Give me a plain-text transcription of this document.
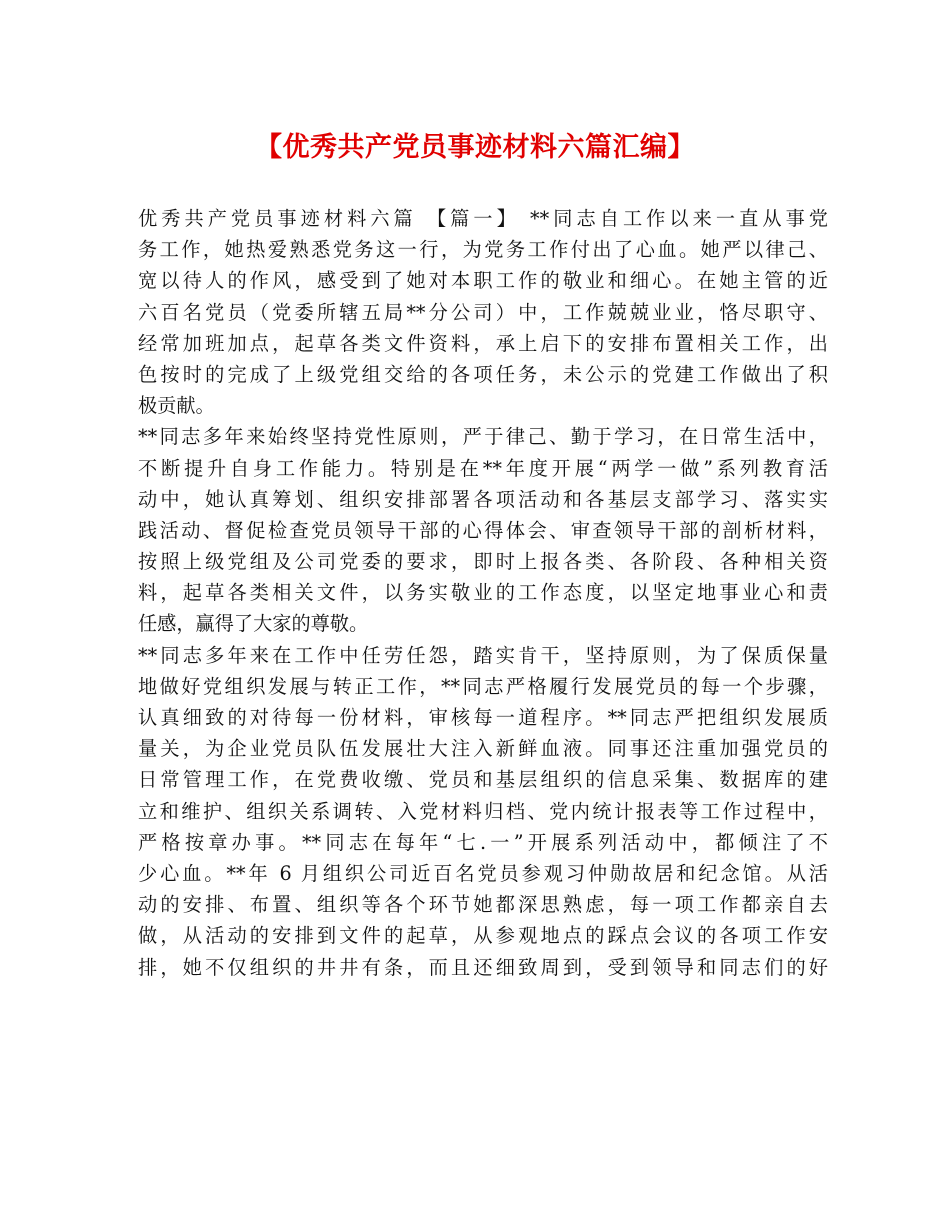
【优秀共产党员事迹材料六篇汇编】
优秀共产党员事迹材料六篇 【篇一】 **同志自工作以来一直从事党
务工作，她热爱熟悉党务这一行，为党务工作付出了心血。她严以律己、
宽以待人的作风，感受到了她对本职工作的敬业和细心。在她主管的近
六百名党员（党委所辖五局**分公司）中，工作兢兢业业，恪尽职守、
经常加班加点，起草各类文件资料，承上启下的安排布置相关工作，出
色按时的完成了上级党组交给的各项任务，未公示的党建工作做出了积
极贡献。
**同志多年来始终坚持党性原则，严于律己、勤于学习，在日常生活中，
不断提升自身工作能力。特别是在**年度开展“两学一做”系列教育活
动中，她认真筹划、组织安排部署各项活动和各基层支部学习、落实实
践活动、督促检查党员领导干部的心得体会、审查领导干部的剖析材料，
按照上级党组及公司党委的要求，即时上报各类、各阶段、各种相关资
料，起草各类相关文件，以务实敬业的工作态度，以坚定地事业心和责
任感，赢得了大家的尊敬。
**同志多年来在工作中任劳任怨，踏实肯干，坚持原则，为了保质保量
地做好党组织发展与转正工作，**同志严格履行发展党员的每一个步骤，
认真细致的对待每一份材料，审核每一道程序。**同志严把组织发展质
量关，为企业党员队伍发展壮大注入新鲜血液。同事还注重加强党员的
日常管理工作，在党费收缴、党员和基层组织的信息采集、数据库的建
立和维护、组织关系调转、入党材料归档、党内统计报表等工作过程中，
严格按章办事。**同志在每年“七.一”开展系列活动中，都倾注了不
少心血。**年 6 月组织公司近百名党员参观习仲勋故居和纪念馆。从活
动的安排、布置、组织等各个环节她都深思熟虑，每一项工作都亲自去
做，从活动的安排到文件的起草，从参观地点的踩点会议的各项工作安
排，她不仅组织的井井有条，而且还细致周到，受到领导和同志们的好
